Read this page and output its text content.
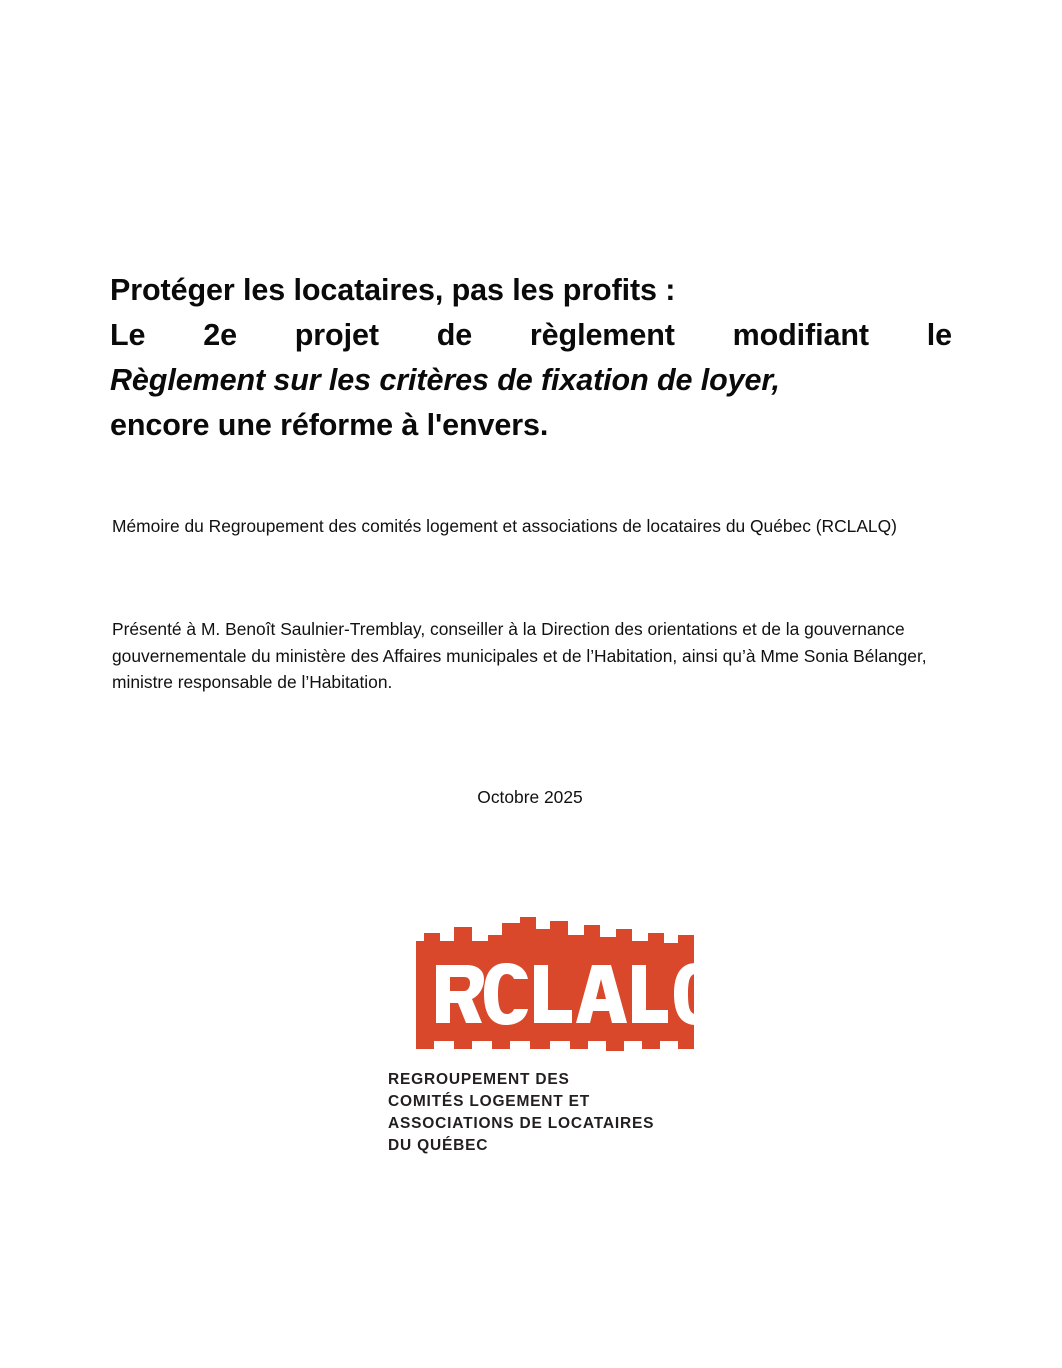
Protéger les locataires, pas les profits :
Le 2e projet de règlement modifiant le
Règlement sur les critères de fixation de loyer,
encore une réforme à l'envers.
Mémoire du Regroupement des comités logement et associations de locataires du Québec (RCLALQ)
Présenté à M. Benoît Saulnier-Tremblay, conseiller à la Direction des orientations et de la gouvernance gouvernementale du ministère des Affaires municipales et de l’Habitation, ainsi qu’à Mme Sonia Bélanger, ministre responsable de l’Habitation.
Octobre 2025
REGROUPEMENT DES
COMITÉS LOGEMENT ET
ASSOCIATIONS DE LOCATAIRES
DU QUÉBEC
